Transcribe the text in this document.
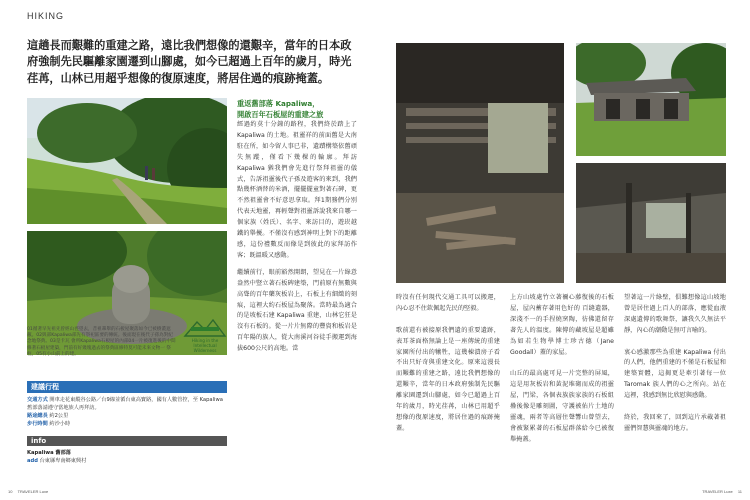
HIKING
這趟長而艱難的重建之路，遠比我們想像的還艱辛，當年的日本政府強制先民驅離家園遷到山腳處，如今已超過上百年的歲月，時光荏苒，山林已用超乎想像的復原速度，將居住過的痕跡掩蓋。
01循著早先祖先曾經山徑望去，昔祖輩舉的石板屋聚落如今已被樹叢遮蔽。02與部Kapaliwa部先有祭祀區要的傳統。後面現在後代子孫為對紀念地祭典。03是卡瓦 會所Kapaliwa石板屋的內部04一片被復進後的中間修著石板屋建築，門前有好幾塊過去的祭典區修特莫可能未來文物一 祭柱，05有小山前上的建。
Hiking in the Intellectual
Wilderness
重返舊部落 Kapaliwa，
開啟百年石板屋的重建之旅

經過約莫十分鐘的路程，我們終於踏上了 Kapaliwa 的土地。祖靈祥的前面舊是大南駐在所，如今留人事已非，遺蹟構築依舊頑失無蹤，僅看下幾棵的輪廓。拜訪 Kapaliwa 猶我們會先進行祭拜祖靈的儀式，告訴祖靈後代子孫及遊客的來到，我們點幾杯酒替的米酒，擺擺擺童對著石碑，更不然祖靈會不好意思拿取。拜1期務們分別代表天地靈，再輕聲對祖靈訴說我來自哪一個家族（姓氏）、名字、來訪目的，遊崁越鐵的舉擾。不僅沒有感到神明上對下的距離感，這份禮數反而像是到彼此的家拜訪作客；既溫暖又感動。

繼續前行，眼前豁然開朗，望見在一片綠意盎然中豎立著石板碑建築，門前原有無數與高聳的百年藥灰板岩上，石板上有細緻的刻痕，這裡大約石板屋為聚落。當時最為適合的是坡板石建 Kapaliwa 重建，山林它狂是沒有石板的。從一片片無際的豐資和板岩是百年陽的族人，從大南溪河谷徒手搬運到海拔600公尺的高地。當

建議行程
交通方式 開車走花東縱谷公路／台9線並循台東高寶路，國有人數管控，至 Kapaliwa 舊部落請遵守當地族人再拜訪。
路途總長 約2公里
步行時間 約沙小時
info
Kapaliwa 舊部落
add 台東縣卑南鄉東興村
時沒有任何現代交通工具可以搬運，內心忍不住欽佩起先民的堅毅。

歌前還有被接原我們遺的重要遺跡，表耳茶面格無論上是一座傳統的重建家園所付出的犧牲，這幾棟潰房子看不出只好奇與重建文化。原來這漫長而艱難的重建之路，遠比我們想像的還艱辛，當年的日本政府強制先民驅離家園遷到山腳處，如今已超過上百年的歲月，時光荏苒，山林已用超乎想像的復原速度，將居住過的痕跡掩蓋。
上方山坡處竹立著禰心藤復後的石板屋，屋內蓄存著用色好的 百縫遺器，深淺不一的手捏燒窯陶，彷佛還留存著先人的溫度。陳傳的藏坡屋是超雖為如若生物學博士珍古德（Jane Goodall）蓋的家屋。

山丘的最高處可見一片完整的屏風，這是用灰板岩和黃泥堆砌而成的祖靈屋，門梁，各個表族族家族的石板組疊後像是雕刻圖，守護被佑片土地的靈魂，兩者等高層住聲響山曾望去，會被緊累著的石板屋群落給今已被復舉掩蓋。
望著這一片綠壁，俱難想像這山坡地曾是居住過上百人的部落，應從血液深處遺傳的歌舞祭，讓我久久無法平靜，內心的潮動是無可言喻的。

衷心感激那些為重建 Kapaliwa 付出的人們，他們重建的不僅是石板屋和建築實體，這揭更是牽引著每一位 Taromak 族人們的心之所向。站在這裡，我感到無比欣慰與感動。

終於，我回來了，回到這片承載著祖靈們智慧與靈魂的地方。
10 TRAVELER Luxe	TRAVELER Luxe 11
